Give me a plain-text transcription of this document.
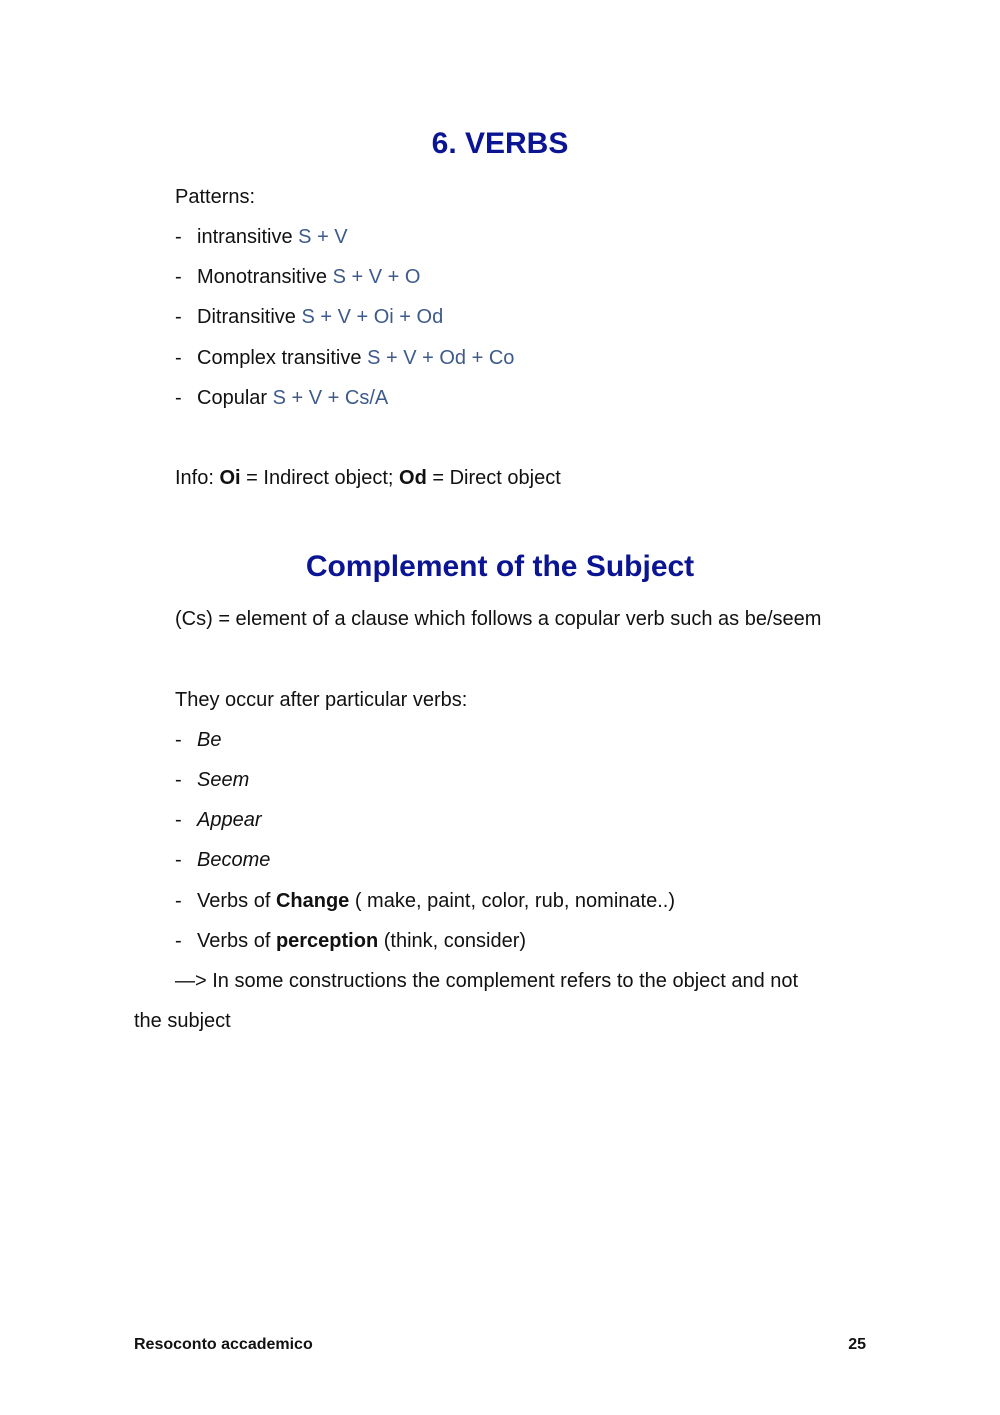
6. VERBS

Patterns:

- intransitive S + V

- Monotransitive S + V + O

- Ditransitive S + V + Oi + Od

- Complex transitive S + V + Od + Co

- Copular S + V + Cs/A

Info: Oi = Indirect object; Od = Direct object

Complement of the Subject

(Cs) = element of a clause which follows a copular verb such as be/seem

They occur after particular verbs:

- Be

- Seem

- Appear

- Become

- Verbs of Change ( make, paint, color, rub, nominate..)

- Verbs of perception (think, consider)

—> In some constructions the complement refers to the object and not

the subject

Resoconto accademico	25
